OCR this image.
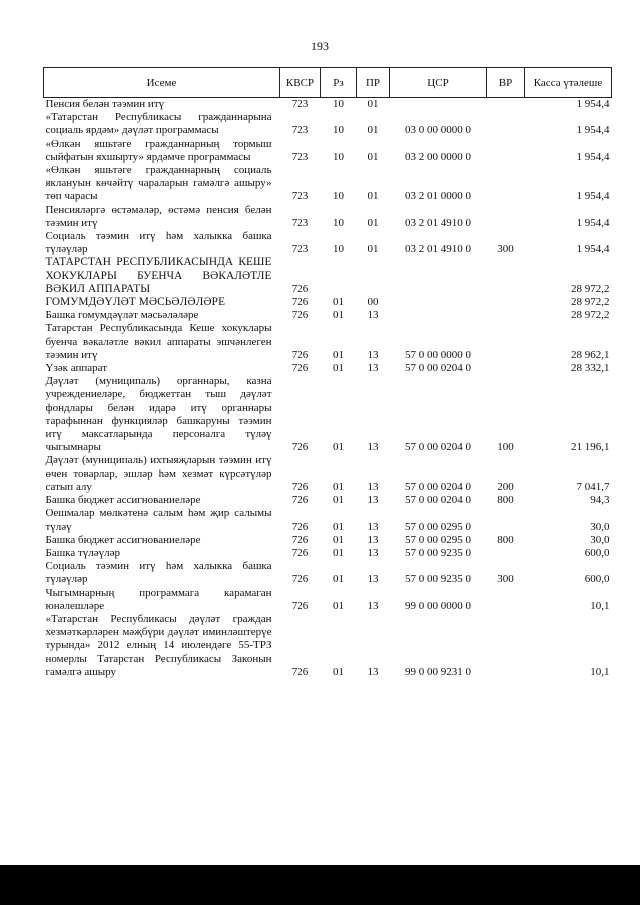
193
Исеме	КВСР	Рз	ПР	ЦСР	ВР	Касса үтәлеше
Пенсия белән тәэмин итү	723	10	01			1 954,4
«Татарстан Республикасы гражданнарына социаль ярдәм» дәүләт программасы	723	10	01	03 0 00 0000 0		1 954,4
«Өлкән яшьтәге гражданнарның тормыш сыйфатын яхшырту» ярдәмче программасы	723	10	01	03 2 00 0000 0		1 954,4
«Өлкән яшьтәге гражданнарның социаль яклануын көчәйтү чараларын гамәлгә ашыру» төп чарасы	723	10	01	03 2 01 0000 0		1 954,4
Пенсияләргә өстәмәләр, өстәмә пенсия белән тәэмин итү	723	10	01	03 2 01 4910 0		1 954,4
Социаль тәэмин итү һәм халыкка башка түләүләр	723	10	01	03 2 01 4910 0	300	1 954,4
ТАТАРСТАН РЕСПУБЛИКАСЫНДА КЕШЕ ХОКУКЛАРЫ БУЕНЧА ВӘКАЛӘТЛЕ ВӘКИЛ АППАРАТЫ	726					28 972,2
ГОМУМДӘҮЛӘТ МӘСЬӘЛӘЛӘРЕ	726	01	00			28 972,2
Башка гомумдәүләт мәсьәләләре	726	01	13			28 972,2
Татарстан Республикасында Кеше хокуклары буенча вәкаләтле вәкил аппараты эшчәнлеген тәэмин итү	726	01	13	57 0 00 0000 0		28 962,1
Үзәк аппарат	726	01	13	57 0 00 0204 0		28 332,1
Дәүләт (муниципаль) органнары, казна учреждениеләре, бюджеттан тыш дәүләт фондлары белән идарә итү органнары тарафыннан функцияләр башкаруны тәэмин итү максатларында персоналга түләү чыгымнары	726	01	13	57 0 00 0204 0	100	21 196,1
Дәүләт (муниципаль) ихтыяҗларын тәэмин итү өчен товарлар, эшләр һәм хезмәт күрсәтүләр сатып алу	726	01	13	57 0 00 0204 0	200	7 041,7
Башка бюджет ассигнованиеләре	726	01	13	57 0 00 0204 0	800	94,3
Оешмалар мөлкәтенә салым һәм җир салымы түләү	726	01	13	57 0 00 0295 0		30,0
Башка бюджет ассигнованиеләре	726	01	13	57 0 00 0295 0	800	30,0
Башка түләүләр	726	01	13	57 0 00 9235 0		600,0
Социаль тәэмин итү һәм халыкка башка түләүләр	726	01	13	57 0 00 9235 0	300	600,0
Чыгымнарның программага карамаган юнәлешләре	726	01	13	99 0 00 0000 0		10,1
«Татарстан Республикасы дәүләт граждан хезмәткәрләрен мәҗбүри дәүләт иминләштерүе турында» 2012 елның 14 июлендәге 55-ТРЗ номерлы Татарстан Республикасы Законын гамәлгә ашыру	726	01	13	99 0 00 9231 0		10,1
